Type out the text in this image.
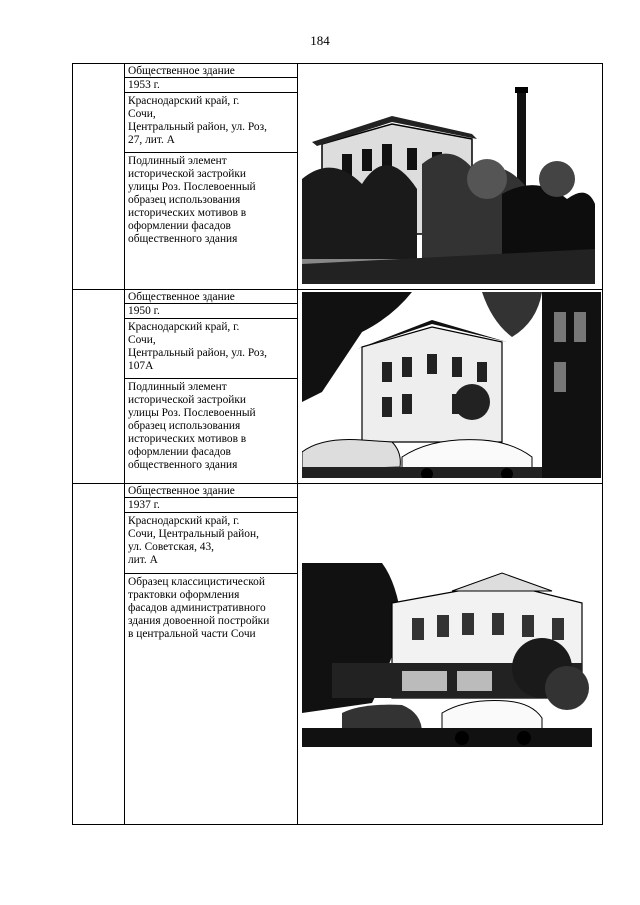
184
Общественное здание
1953 г.
Краснодарский край, г.
Сочи,
Центральный район, ул. Роз,
27, лит. А
Подлинный элемент
исторической застройки
улицы Роз. Послевоенный
образец использования
исторических мотивов в
оформлении фасадов
общественного здания
Общественное здание
1950 г.
Краснодарский край, г.
Сочи,
Центральный район, ул. Роз,
107А
Подлинный элемент
исторической застройки
улицы Роз. Послевоенный
образец использования
исторических мотивов в
оформлении фасадов
общественного здания
Общественное здание
1937 г.
Краснодарский край, г.
Сочи, Центральный район,
ул. Советская, 43,
лит. А
Образец классицистической
трактовки оформления
фасадов административного
здания довоенной постройки
в центральной части Сочи
